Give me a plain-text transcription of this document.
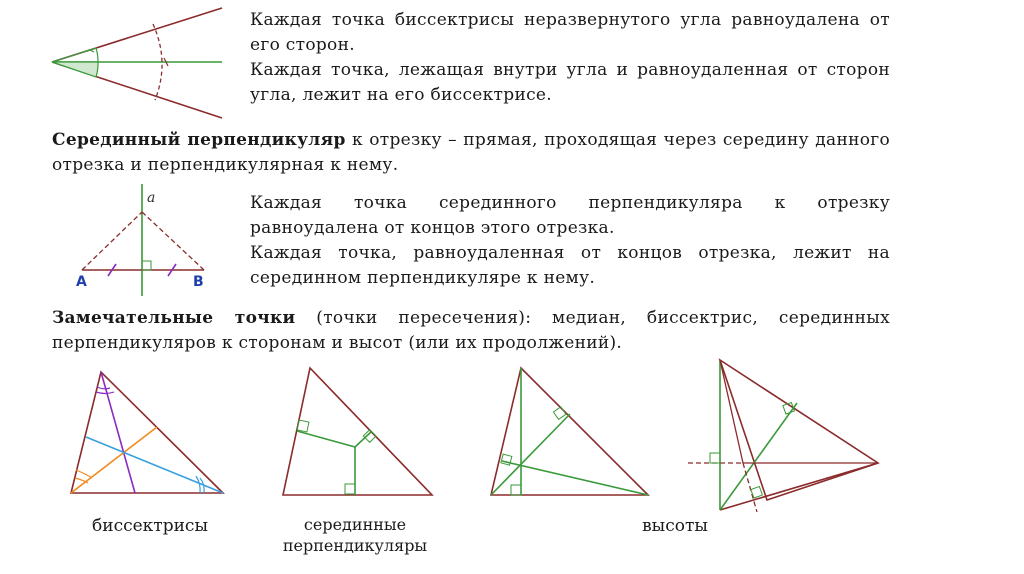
a
A	B

Каждая точка биссектрисы неразвернутого угла равноудалена от его сторон.

Каждая точка, лежащая внутри угла и равноудаленная от сторон угла, лежит на его биссектрисе.

Серединный перпендикуляр к отрезку – прямая, проходящая через середину данного отрезка и перпендикулярная к нему.

Каждая точка серединного перпендикуляра к отрезку равноудалена от концов этого отрезка.

Каждая точка, равноудаленная от концов отрезка, лежит на серединном перпендикуляре к нему.

Замечательные точки (точки пересечения): медиан, биссектрис, серединных перпендикуляров к сторонам и высот (или их продолжений).

биссектрисы	серединные
перпендикуляры
высоты
